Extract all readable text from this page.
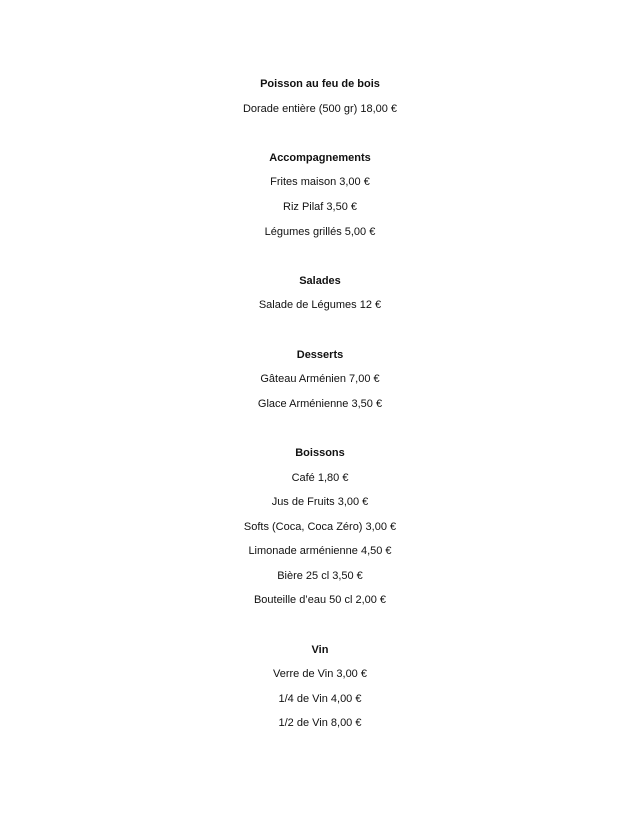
Poisson au feu de bois
Dorade entière (500 gr) 18,00 €
Accompagnements
Frites maison 3,00 €
Riz Pilaf 3,50 €
Légumes grillés 5,00 €
Salades
Salade de Légumes 12 €
Desserts
Gâteau Arménien 7,00 €
Glace Arménienne 3,50 €
Boissons
Café 1,80 €
Jus de Fruits 3,00 €
Softs (Coca, Coca Zéro) 3,00 €
Limonade arménienne 4,50 €
Bière 25 cl 3,50 €
Bouteille d’eau 50 cl 2,00 €
Vin
Verre de Vin 3,00 €
1/4 de Vin 4,00 €
1/2 de Vin 8,00 €
